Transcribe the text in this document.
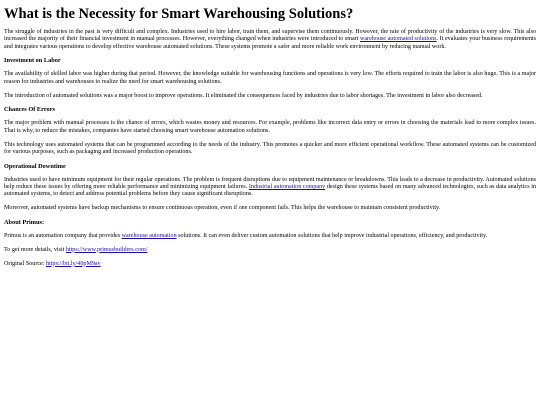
What is the Necessity for Smart Warehousing Solutions?

The struggle of industries in the past is very difficult and complex. Industries used to hire labor, train them, and supervise them continuously. However, the rate of productivity of the industries is very slow. This also increased the majority of their financial investment in manual processes. However, everything changed when industries were introduced to smart warehouse automated solutions. It evaluates your business requirements and integrates various operations to develop effective warehouse automated solutions. These systems promote a safer and more reliable work environment by reducing manual work.

Investment on Labor

The availability of skilled labor was higher during that period. However, the knowledge suitable for warehousing functions and operations is very low. The efforts required to train the labor is also huge. This is a major reason for industries and warehouses to realize the need for smart warehousing solutions.

The introduction of automated solutions was a major boost to improve operations. It eliminated the consequences faced by industries due to labor shortages. The investment in labor also decreased.

Chances Of Errors

The major problem with manual processes is the chance of errors, which wastes money and resources. For example, problems like incorrect data entry or errors in choosing the materials lead to more complex issues. That is why, to reduce the mistakes, companies have started choosing smart warehouse automation solutions.

This technology uses automated systems that can be programmed according to the needs of the industry. This promotes a quicker and more efficient operational workflow. These automated systems can be customized for various purposes, such as packaging and increased production operations.

Operational Downtime

Industries used to have minimum equipment for their regular operations. The problem is frequent disruptions due to equipment maintenance or breakdowns. This leads to a decrease in productivity. Automated solutions help reduce these issues by offering more reliable performance and minimizing equipment failures. Industrial automation company design these systems based on many advanced technologies, such as data analytics in automated systems, to detect and address potential problems before they cause significant disruptions.

Moreover, automated systems have backup mechanisms to ensure continuous operation, even if one component fails. This helps the warehouse to maintain consistent productivity.

About Primus:

Primus is an automation company that provides warehouse automation solutions. It can even deliver custom automation solutions that help improve industrial operations, efficiency, and productivity.

To get more details, visit https://www.primusbuilders.com/

Original Source: https://bit.ly/40pM9av
